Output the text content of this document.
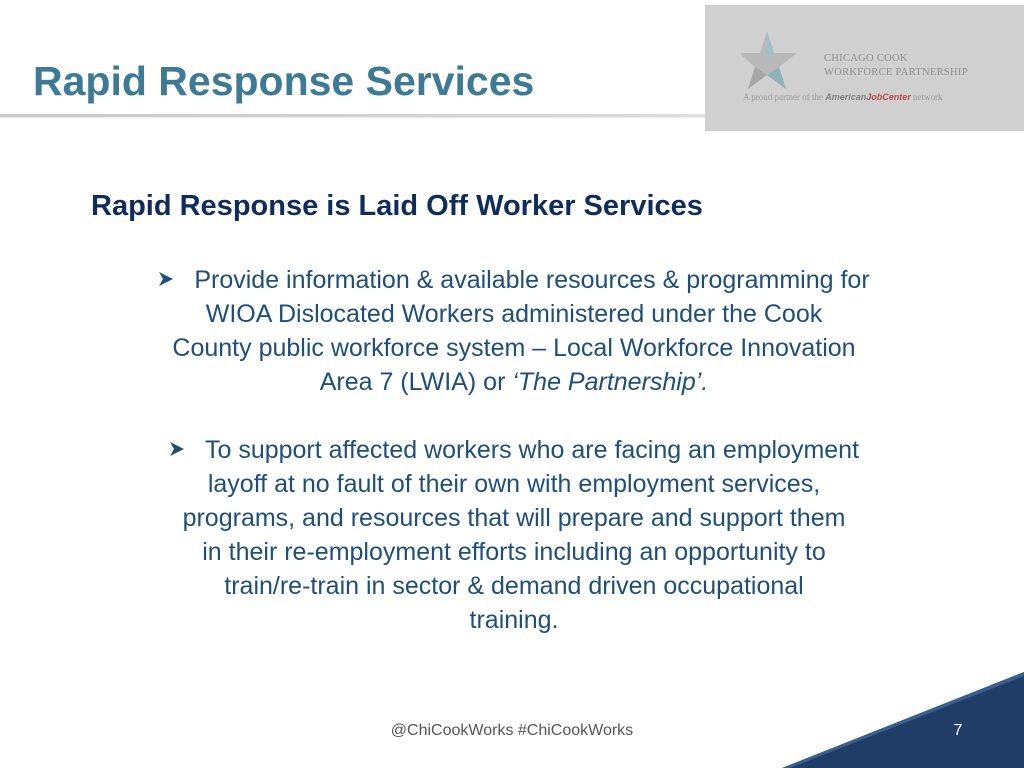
Rapid Response Services	CHICAGO COOK
WORKFORCE PARTNERSHIP
A proud partner of the AmericanJobCenter network
Rapid Response is Laid Off Worker Services

Provide information & available resources & programming for

WIOA Dislocated Workers administered under the Cook

County public workforce system – Local Workforce Innovation

Area 7 (LWIA) or ‘The Partnership’.

To support affected workers who are facing an employment

layoff at no fault of their own with employment services,

programs, and resources that will prepare and support them

in their re-employment efforts including an opportunity to

train/re-train in sector & demand driven occupational

training.

7
@ChiCookWorks #ChiCookWorks
